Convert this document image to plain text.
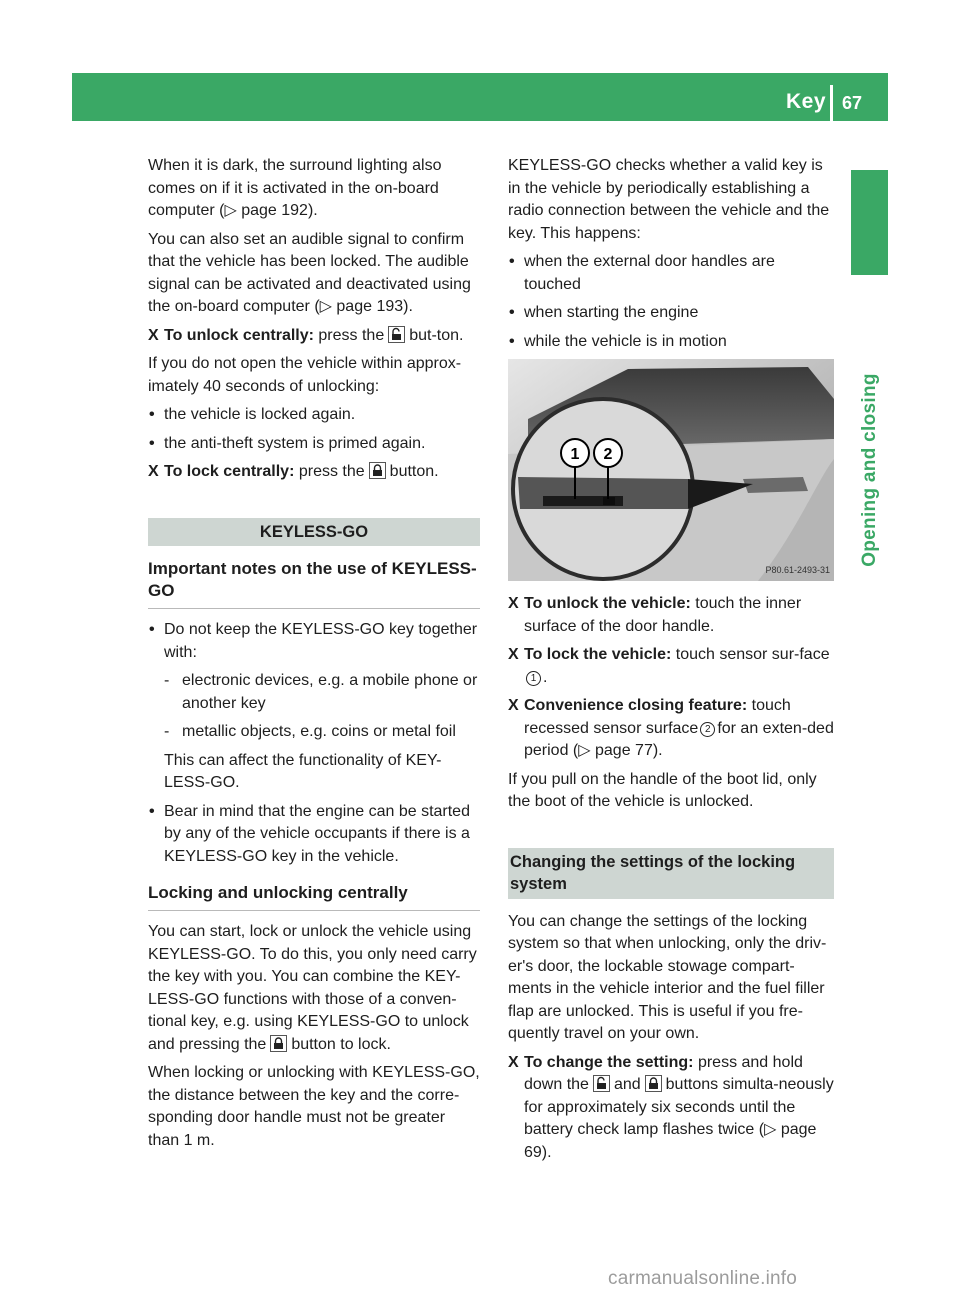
Key 67
Opening and closing

When it is dark, the surround lighting also comes on if it is activated in the on-board computer (▷ page 192).

You can also set an audible signal to confirm that the vehicle has been locked. The audible signal can be activated and deactivated using the on-board computer (▷ page 193).

X To unlock centrally: press the but-ton.

If you do not open the vehicle within approx-imately 40 seconds of unlocking:

• the vehicle is locked again.
• the anti-theft system is primed again.
X To lock centrally: press the button.
KEYLESS-GO
Important notes on the use of KEYLESS-GO
• Do not keep the KEYLESS-GO key together with:
- electronic devices, e.g. a mobile phone or another key
- metallic objects, e.g. coins or metal foil
This can affect the functionality of KEY-LESS-GO.
• Bear in mind that the engine can be started by any of the vehicle occupants if there is a KEYLESS-GO key in the vehicle.
Locking and unlocking centrally

You can start, lock or unlock the vehicle using KEYLESS-GO. To do this, you only need carry the key with you. You can combine the KEY-LESS-GO functions with those of a conven-tional key, e.g. using KEYLESS-GO to unlock and pressing the button to lock.

When locking or unlocking with KEYLESS-GO, the distance between the key and the corre-sponding door handle must not be greater than 1 m.

KEYLESS-GO checks whether a valid key is in the vehicle by periodically establishing a radio connection between the vehicle and the key. This happens:

• when the external door handles are touched
• when starting the engine
• while the vehicle is in motion
1 2
P80.61-2493-31
X To unlock the vehicle: touch the inner surface of the door handle.
X To lock the vehicle: touch sensor sur-face1 .
X Convenience closing feature: touch recessed sensor surface 2 for an exten-ded period (▷ page 77).

If you pull on the handle of the boot lid, only the boot of the vehicle is unlocked.

Changing the settings of the locking system

You can change the settings of the locking system so that when unlocking, only the driv-er's door, the lockable stowage compart-ments in the vehicle interior and the fuel filler flap are unlocked. This is useful if you fre-quently travel on your own.

X To change the setting: press and hold down the and buttons simulta-neously for approximately six seconds until the battery check lamp flashes twice (▷ page 69).
carmanualsonline.info
